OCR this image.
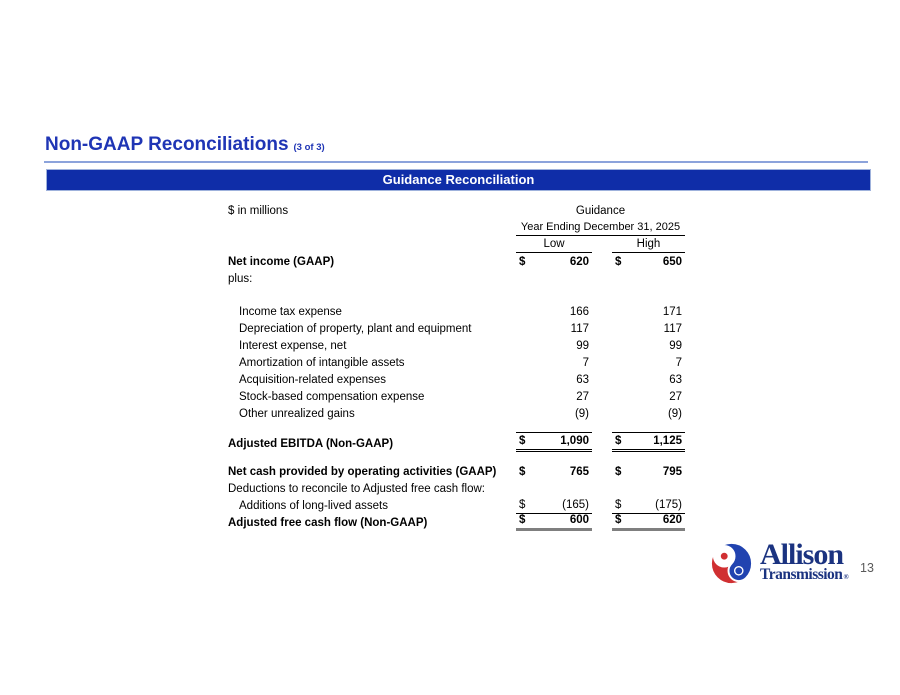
Non-GAAP Reconciliations (3 of 3)
Guidance Reconciliation
$ in millions	Guidance
Year Ending December 31, 2025
Low	High
Net income (GAAP)	$	620 $	650
plus:
Income tax expense	166	171
Depreciation of property, plant and equipment	117	117
Interest expense, net	99	99
Amortization of intangible assets	7	7
Acquisition-related expenses	63	63
Stock-based compensation expense	27	27
Other unrealized gains	(9)	(9)
Adjusted EBITDA (Non-GAAP)	$	1,090 $	1,125
Net cash provided by operating activities (GAAP)	$	765 $	795
Deductions to reconcile to Adjusted free cash flow:
Additions of long-lived assets	$	(165) $	(175)
Adjusted free cash flow (Non-GAAP)	$	600 $	620
Allison
Transmission®
13
